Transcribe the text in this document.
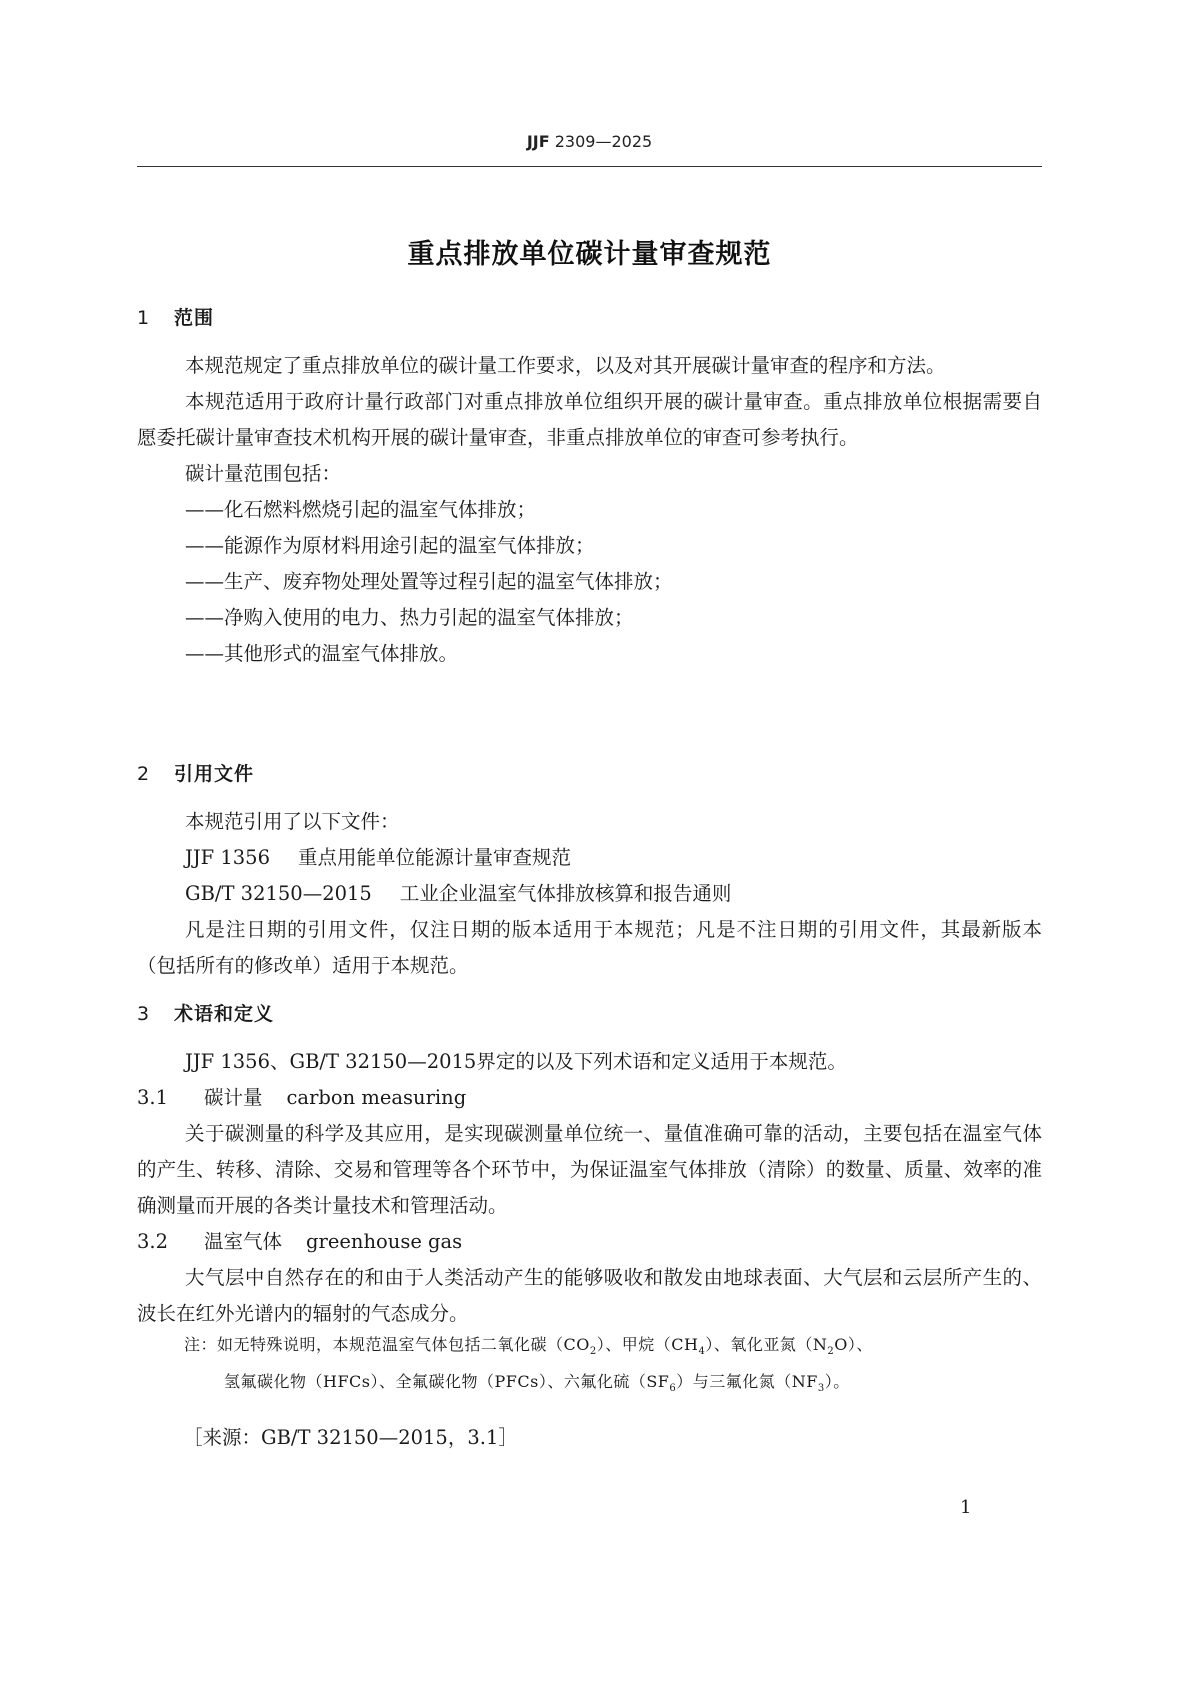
JJF 2309—2025
重点排放单位碳计量审查规范
1 范围
本规范规定了重点排放单位的碳计量工作要求，以及对其开展碳计量审查的程序和方法。
本规范适用于政府计量行政部门对重点排放单位组织开展的碳计量审查。重点排放单位根据需要自愿委托碳计量审查技术机构开展的碳计量审查，非重点排放单位的审查可参考执行。
碳计量范围包括：
——化石燃料燃烧引起的温室气体排放；
——能源作为原材料用途引起的温室气体排放；
——生产、废弃物处理处置等过程引起的温室气体排放；
——净购入使用的电力、热力引起的温室气体排放；
——其他形式的温室气体排放。
2 引用文件
本规范引用了以下文件：
JJF 1356 重点用能单位能源计量审查规范
GB/T 32150—2015 工业企业温室气体排放核算和报告通则
凡是注日期的引用文件，仅注日期的版本适用于本规范；凡是不注日期的引用文件，其最新版本（包括所有的修改单）适用于本规范。
3 术语和定义
JJF 1356、GB/T 32150—2015界定的以及下列术语和定义适用于本规范。
3.1 碳计量 carbon measuring
关于碳测量的科学及其应用，是实现碳测量单位统一、量值准确可靠的活动，主要包括在温室气体的产生、转移、清除、交易和管理等各个环节中，为保证温室气体排放（清除）的数量、质量、效率的准确测量而开展的各类计量技术和管理活动。
3.2 温室气体 greenhouse gas
大气层中自然存在的和由于人类活动产生的能够吸收和散发由地球表面、大气层和云层所产生的、波长在红外光谱内的辐射的气态成分。
注：如无特殊说明，本规范温室气体包括二氧化碳$(CO_2)$、甲烷$(CH_4)$、氧化亚氮$(N_2O)$、
氢氟碳化物（HFCs）、全氟碳化物（PFCs）、六氟化硫$(SF_6)$与三氟化氮$(NF_3)$。
［来源：GB/T 32150—2015，3.1］
1
